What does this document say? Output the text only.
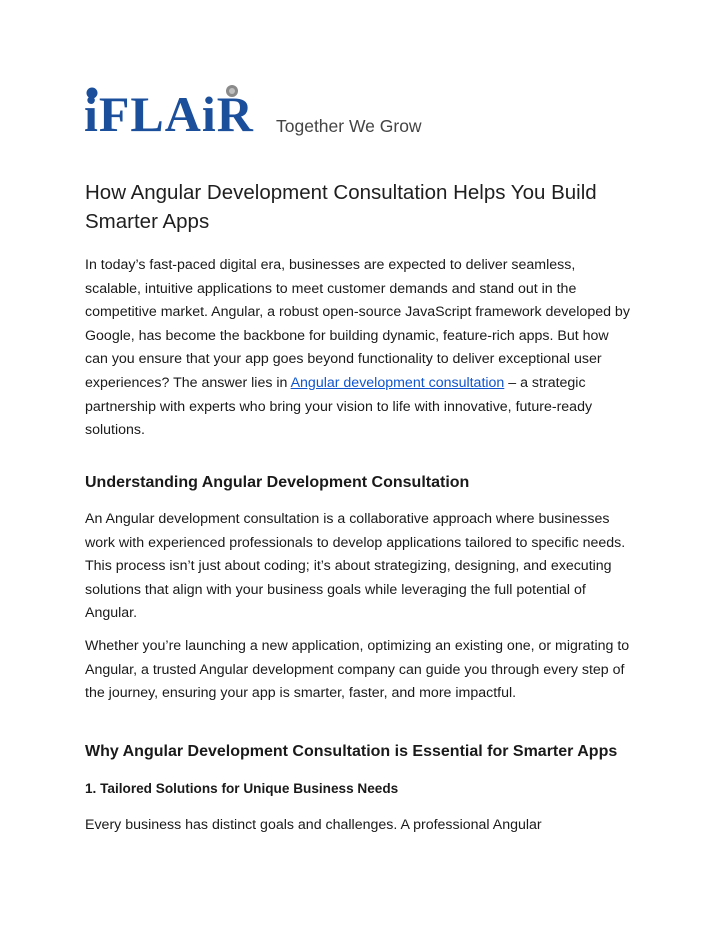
iFLAiR Together We Grow
How Angular Development Consultation Helps You Build Smarter Apps

In today’s fast-paced digital era, businesses are expected to deliver seamless, scalable, intuitive applications to meet customer demands and stand out in the competitive market. Angular, a robust open-source JavaScript framework developed by Google, has become the backbone for building dynamic, feature-rich apps. But how can you ensure that your app goes beyond functionality to deliver exceptional user experiences? The answer lies in Angular development consultation – a strategic partnership with experts who bring your vision to life with innovative, future-ready solutions.

Understanding Angular Development Consultation

An Angular development consultation is a collaborative approach where businesses work with experienced professionals to develop applications tailored to specific needs. This process isn’t just about coding; it’s about strategizing, designing, and executing solutions that align with your business goals while leveraging the full potential of Angular.

Whether you’re launching a new application, optimizing an existing one, or migrating to Angular, a trusted Angular development company can guide you through every step of the journey, ensuring your app is smarter, faster, and more impactful.

Why Angular Development Consultation is Essential for Smarter Apps
1. Tailored Solutions for Unique Business Needs

Every business has distinct goals and challenges. A professional Angular
